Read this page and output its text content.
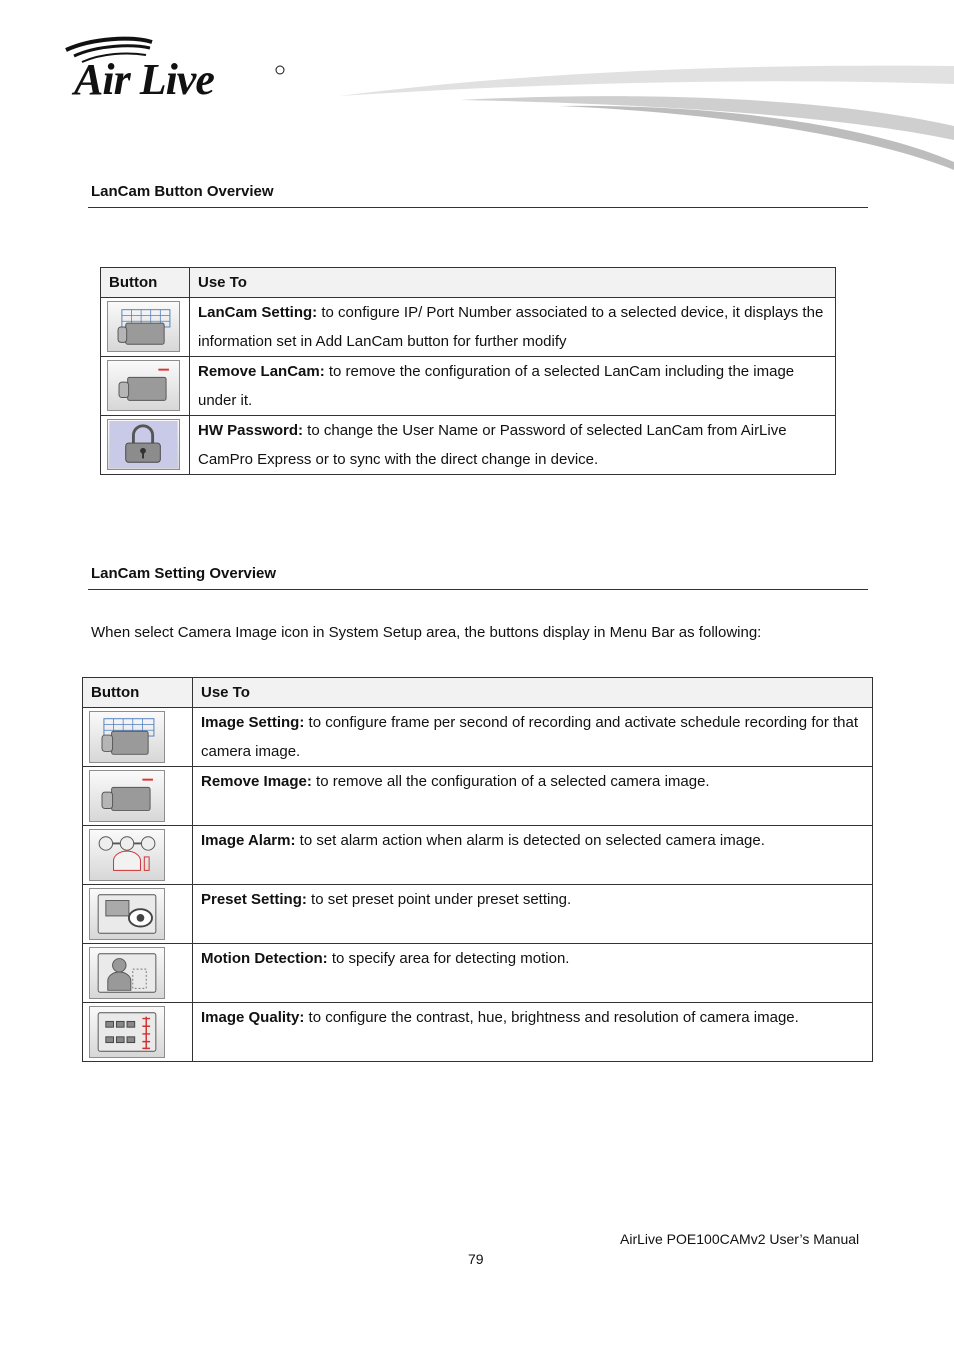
Air Live
LanCam Button Overview
Button	Use To

	LanCam Setting: to configure IP/ Port Number associated to a selected device, it displays the information set in Add LanCam button for further modify

	Remove LanCam: to remove the configuration of a selected LanCam including the image under it.

	HW Password: to change the User Name or Password of selected LanCam from AirLive CamPro Express or to sync with the direct change in device.
LanCam Setting Overview
When select Camera Image icon in System Setup area, the buttons display in Menu Bar as following:
Button	Use To

	Image Setting: to configure frame per second of recording and activate schedule recording for that camera image.

	Remove Image: to remove all the configuration of a selected camera image.

	Image Alarm: to set alarm action when alarm is detected on selected camera image.

	Preset Setting: to set preset point under preset setting.

	Motion Detection: to specify area for detecting motion.

	Image Quality: to configure the contrast, hue, brightness and resolution of camera image.
AirLive POE100CAMv2 User’s Manual
79
